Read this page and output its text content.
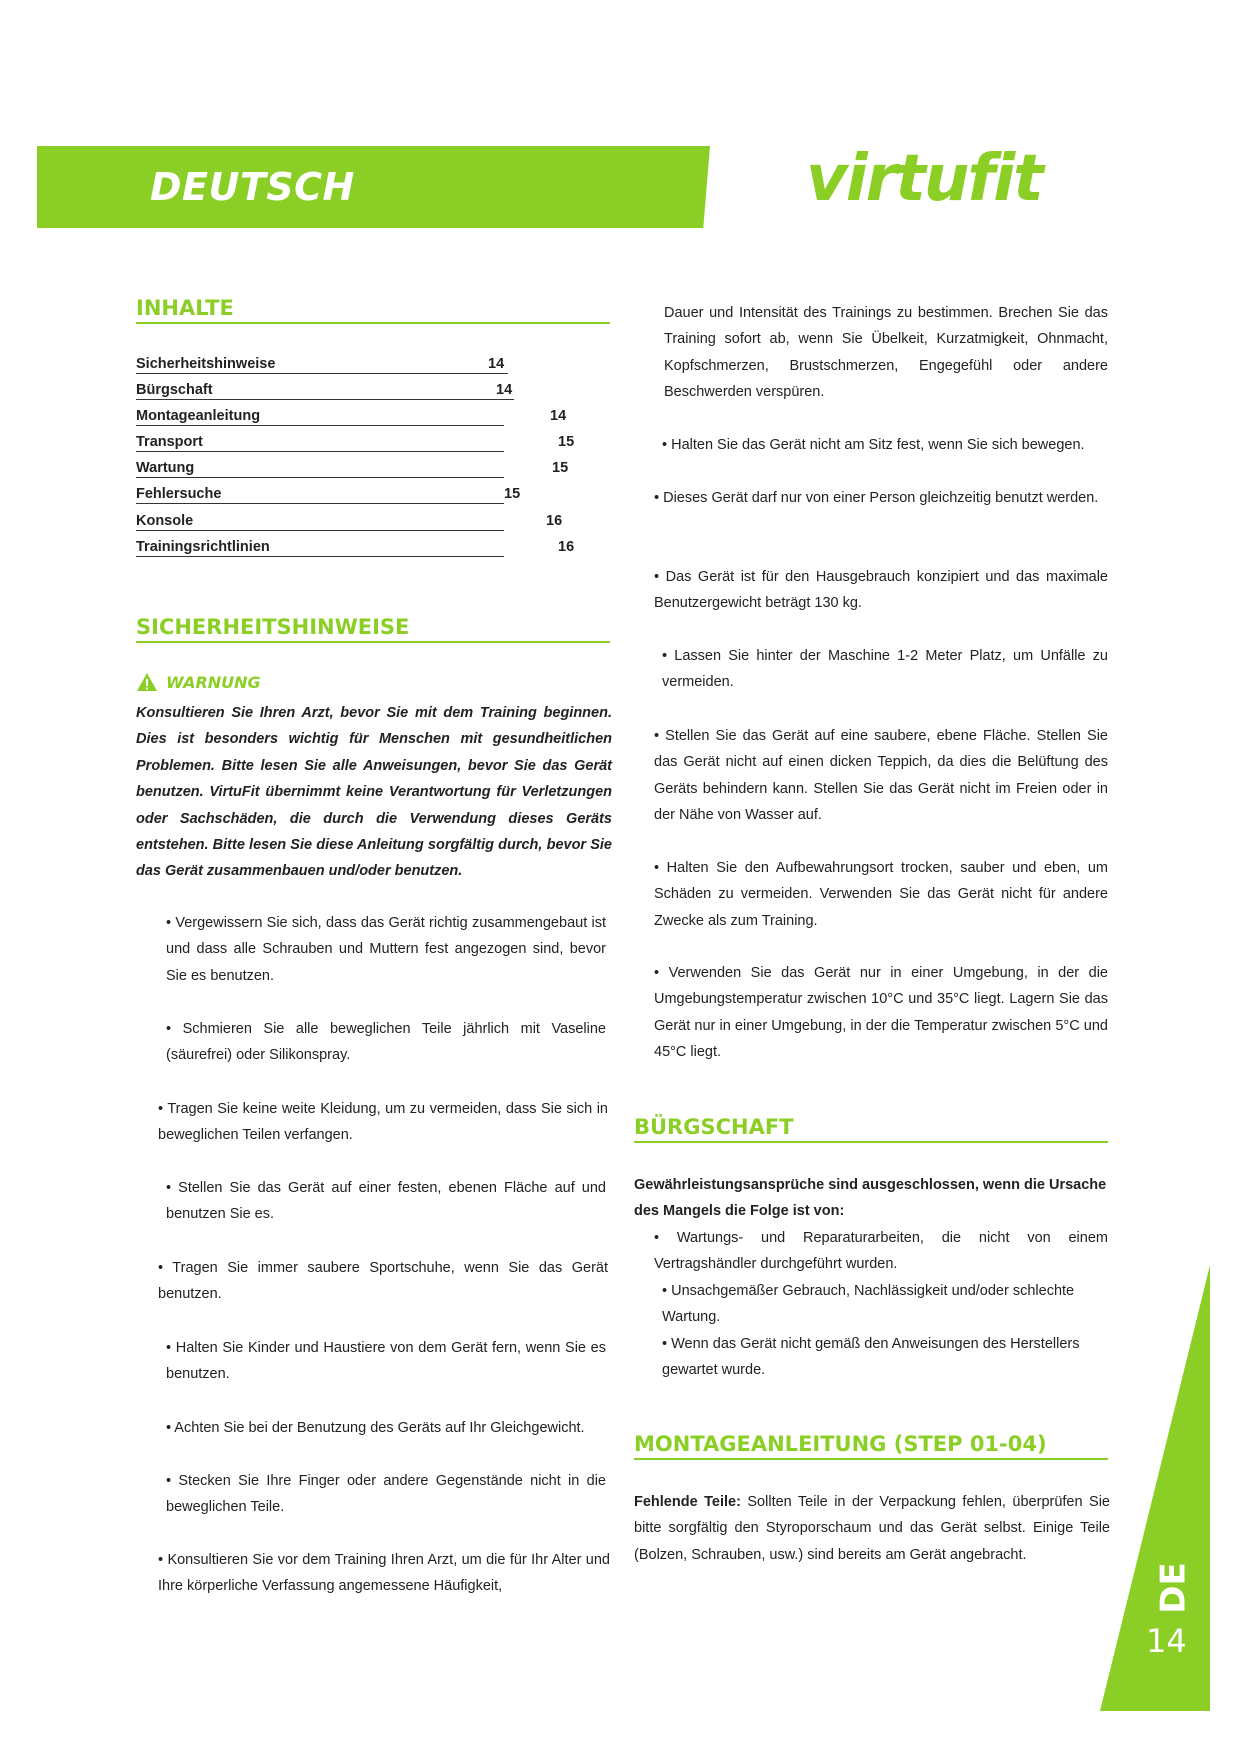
DEUTSCH	virtufit
INHALTE
Sicherheitshinweise	14
Bürgschaft	14
Montageanleitung	14
Transport	15
Wartung	15
Fehlersuche	15
Konsole	16
Trainingsrichtlinien	16
SICHERHEITSHINWEISE
WARNUNG
Konsultieren Sie Ihren Arzt, bevor Sie mit dem Training beginnen. Dies ist besonders wichtig für Menschen mit gesundheitlichen Problemen. Bitte lesen Sie alle Anweisungen, bevor Sie das Gerät benutzen. VirtuFit übernimmt keine Verantwortung für Verletzungen oder Sachschäden, die durch die Verwendung dieses Geräts entstehen. Bitte lesen Sie diese Anleitung sorgfältig durch, bevor Sie das Gerät zusammenbauen und/oder benutzen.
• Vergewissern Sie sich, dass das Gerät richtig zusammengebaut ist und dass alle Schrauben und Muttern fest angezogen sind, bevor Sie es benutzen.
• Schmieren Sie alle beweglichen Teile jährlich mit Vaseline (säurefrei) oder Silikonspray.
• Tragen Sie keine weite Kleidung, um zu vermeiden, dass Sie sich in beweglichen Teilen verfangen.
• Stellen Sie das Gerät auf einer festen, ebenen Fläche auf und benutzen Sie es.
• Tragen Sie immer saubere Sportschuhe, wenn Sie das Gerät benutzen.
• Halten Sie Kinder und Haustiere von dem Gerät fern, wenn Sie es benutzen.
• Achten Sie bei der Benutzung des Geräts auf Ihr Gleichgewicht.
• Stecken Sie Ihre Finger oder andere Gegenstände nicht in die beweglichen Teile.
• Konsultieren Sie vor dem Training Ihren Arzt, um die für Ihr Alter und Ihre körperliche Verfassung angemessene Häufigkeit,
Dauer und Intensität des Trainings zu bestimmen. Brechen Sie das Training sofort ab, wenn Sie Übelkeit, Kurzatmigkeit, Ohnmacht, Kopfschmerzen, Brustschmerzen, Engegefühl oder andere Beschwerden verspüren.
• Halten Sie das Gerät nicht am Sitz fest, wenn Sie sich bewegen.
• Dieses Gerät darf nur von einer Person gleichzeitig benutzt werden.
• Das Gerät ist für den Hausgebrauch konzipiert und das maximale Benutzergewicht beträgt 130 kg.
• Lassen Sie hinter der Maschine 1-2 Meter Platz, um Unfälle zu vermeiden.
• Stellen Sie das Gerät auf eine saubere, ebene Fläche. Stellen Sie das Gerät nicht auf einen dicken Teppich, da dies die Belüftung des Geräts behindern kann. Stellen Sie das Gerät nicht im Freien oder in der Nähe von Wasser auf.
• Halten Sie den Aufbewahrungsort trocken, sauber und eben, um Schäden zu vermeiden. Verwenden Sie das Gerät nicht für andere Zwecke als zum Training.
• Verwenden Sie das Gerät nur in einer Umgebung, in der die Umgebungstemperatur zwischen 10°C und 35°C liegt. Lagern Sie das Gerät nur in einer Umgebung, in der die Temperatur zwischen 5°C und 45°C liegt.
BÜRGSCHAFT
Gewährleistungsansprüche sind ausgeschlossen, wenn die Ursache des Mangels die Folge ist von:
• Wartungs- und Reparaturarbeiten, die nicht von einem Vertragshändler durchgeführt wurden.
• Unsachgemäßer Gebrauch, Nachlässigkeit und/oder schlechte Wartung.
• Wenn das Gerät nicht gemäß den Anweisungen des Herstellers gewartet wurde.
MONTAGEANLEITUNG (STEP 01-04)
Fehlende Teile: Sollten Teile in der Verpackung fehlen, überprüfen Sie bitte sorgfältig den Styroporschaum und das Gerät selbst. Einige Teile (Bolzen, Schrauben, usw.) sind bereits am Gerät angebracht.
DE
14
